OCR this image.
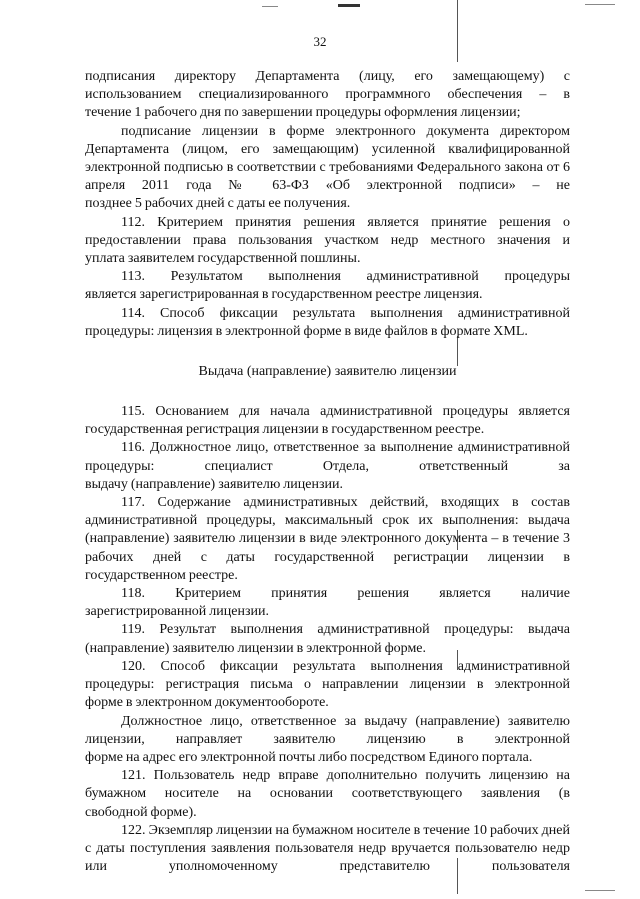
32

подписания директору Департамента (лицу, его замещающему) с использованием специализированного программного обеспечения – в

течение 1 рабочего дня по завершении процедуры оформления лицензии;

подписание лицензии в форме электронного документа директором Департамента (лицом, его замещающим) усиленной квалифицированной электронной подписью в соответствии с требованиями Федерального закона от 6 апреля 2011 года № 63-ФЗ «Об электронной подписи» – не

позднее 5 рабочих дней с даты ее получения.

112. Критерием принятия решения является принятие решения о предоставлении права пользования участком недр местного значения и

уплата заявителем государственной пошлины.

113. Результатом выполнения административной процедуры

является зарегистрированная в государственном реестре лицензия.

114. Способ фиксации результата выполнения административной

процедуры: лицензия в электронной форме в виде файлов в формате XML.

Выдача (направление) заявителю лицензии

115. Основанием для начала административной процедуры является

государственная регистрация лицензии в государственном реестре.

116. Должностное лицо, ответственное за выполнение административной процедуры: специалист Отдела, ответственный за

выдачу (направление) заявителю лицензии.

117. Содержание административных действий, входящих в состав административной процедуры, максимальный срок их выполнения: выдача (направление) заявителю лицензии в виде электронного документа – в течение 3 рабочих дней с даты государственной регистрации лицензии в

государственном реестре.

118. Критерием принятия решения является наличие

зарегистрированной лицензии.

119. Результат выполнения административной процедуры: выдача

(направление) заявителю лицензии в электронной форме.

120. Способ фиксации результата выполнения административной процедуры: регистрация письма о направлении лицензии в электронной

форме в электронном документообороте.

Должностное лицо, ответственное за выдачу (направление) заявителю лицензии, направляет заявителю лицензию в электронной

форме на адрес его электронной почты либо посредством Единого портала.

121. Пользователь недр вправе дополнительно получить лицензию на бумажном носителе на основании соответствующего заявления (в

свободной форме).

122. Экземпляр лицензии на бумажном носителе в течение 10 рабочих дней с даты поступления заявления пользователя недр вручается пользователю недр или уполномоченному представителю пользователя
